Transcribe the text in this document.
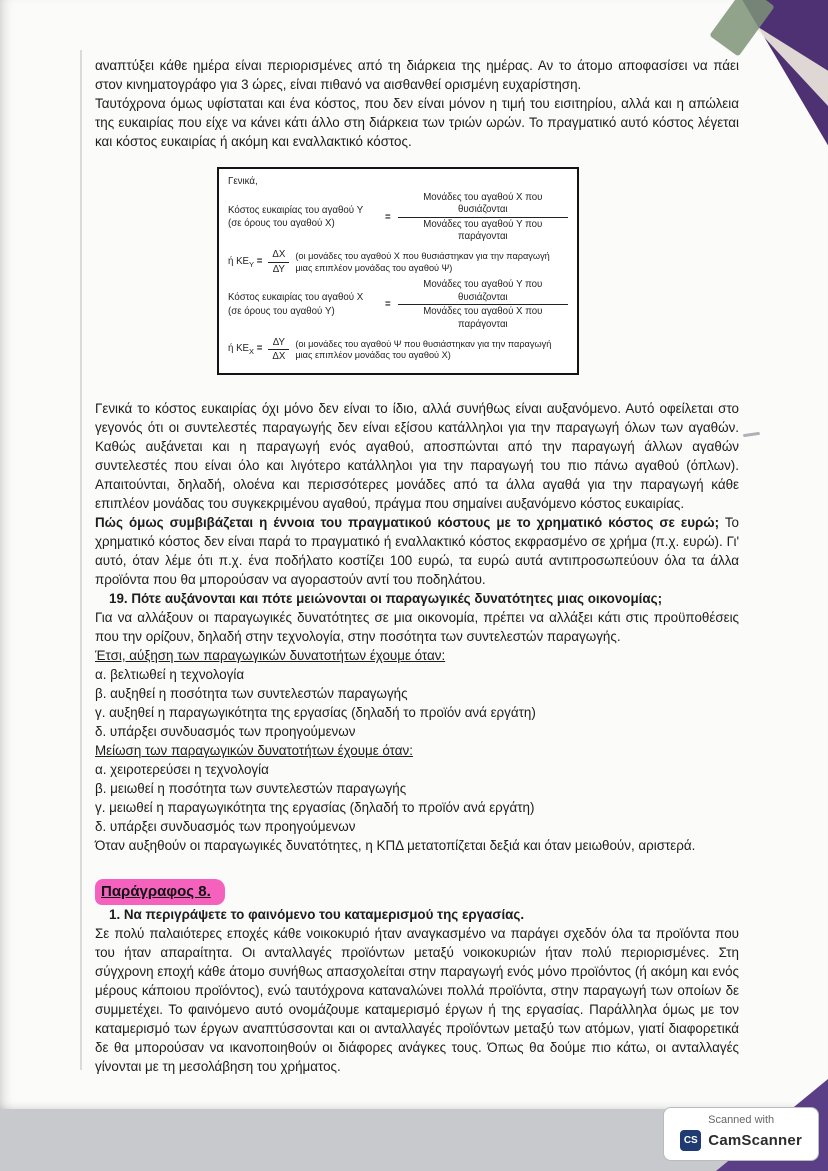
αναπτύξει κάθε ημέρα είναι περιορισμένες από τη διάρκεια της ημέρας. Αν το άτομο αποφασίσει να πάει στον κινηματογράφο για 3 ώρες, είναι πιθανό να αισθανθεί ορισμένη ευχαρίστηση.

Ταυτόχρονα όμως υφίσταται και ένα κόστος, που δεν είναι μόνον η τιμή του εισιτηρίου, αλλά και η απώλεια της ευκαιρίας που είχε να κάνει κάτι άλλο στη διάρκεια των τριών ωρών. Το πραγματικό αυτό κόστος λέγεται και κόστος ευκαιρίας ή ακόμη και εναλλακτικό κόστος.

Γενικά,
Κόστος ευκαιρίας του αγαθού Y
(σε όρους του αγαθού X)
= $\frac{\text{Μονάδες του αγαθού X που θυσιάζονται}}{\text{Μονάδες του αγαθού Y που παράγονται}}$
ή $KE_Y = \frac{\Delta X}{\Delta\Upsilon} (o\iota$ μονάδες του αγαθού X που θυσιάστηκαν για την παραγωγή μιας επιπλέον μονάδας του αγαθού Ψ)
Κόστος ευκαιρίας του αγαθού X
(σε όρους του αγαθού Y)
= $\frac{\text{Μονάδες του αγαθού Y που θυσιάζονται}}{\text{Μονάδες του αγαθού X που παράγονται}}$
ή $KE_X = \frac{\Delta\Upsilon}{\Delta X} (o\iota$ μονάδες του αγαθού Ψ που θυσιάστηκαν για την παραγωγή μιας επιπλέον μονάδας του αγαθού X)

Γενικά το κόστος ευκαιρίας όχι μόνο δεν είναι το ίδιο, αλλά συνήθως είναι αυξανόμενο. Αυτό οφείλεται στο γεγονός ότι οι συντελεστές παραγωγής δεν είναι εξίσου κατάλληλοι για την παραγωγή όλων των αγαθών. Καθώς αυξάνεται και η παραγωγή ενός αγαθού, αποσπώνται από την παραγωγή άλλων αγαθών συντελεστές που είναι όλο και λιγότερο κατάλληλοι για την παραγωγή του πιο πάνω αγαθού (όπλων). Απαιτούνται, δηλαδή, ολοένα και περισσότερες μονάδες από τα άλλα αγαθά για την παραγωγή κάθε επιπλέον μονάδας του συγκεκριμένου αγαθού, πράγμα που σημαίνει αυξανόμενο κόστος ευκαιρίας.

Πώς όμως συμβιβάζεται η έννοια του πραγματικού κόστους με το χρηματικό κόστος σε ευρώ; Το χρηματικό κόστος δεν είναι παρά το πραγματικό ή εναλλακτικό κόστος εκφρασμένο σε χρήμα (π.χ. ευρώ). Γι' αυτό, όταν λέμε ότι π.χ. ένα ποδήλατο κοστίζει 100 ευρώ, τα ευρώ αυτά αντιπροσωπεύουν όλα τα άλλα προϊόντα που θα μπορούσαν να αγοραστούν αντί του ποδηλάτου.

19. Πότε αυξάνονται και πότε μειώνονται οι παραγωγικές δυνατότητες μιας οικονομίας;

Για να αλλάξουν οι παραγωγικές δυνατότητες σε μια οικονομία, πρέπει να αλλάξει κάτι στις προϋποθέσεις που την ορίζουν, δηλαδή στην τεχνολογία, στην ποσότητα των συντελεστών παραγωγής.

Έτσι, αύξηση των παραγωγικών δυνατοτήτων έχουμε όταν:
α. βελτιωθεί η τεχνολογία
β. αυξηθεί η ποσότητα των συντελεστών παραγωγής
γ. αυξηθεί η παραγωγικότητα της εργασίας (δηλαδή το προϊόν ανά εργάτη)
δ. υπάρξει συνδυασμός των προηγούμενων
Μείωση των παραγωγικών δυνατοτήτων έχουμε όταν:
α. χειροτερεύσει η τεχνολογία
β. μειωθεί η ποσότητα των συντελεστών παραγωγής
γ. μειωθεί η παραγωγικότητα της εργασίας (δηλαδή το προϊόν ανά εργάτη)
δ. υπάρξει συνδυασμός των προηγούμενων

Όταν αυξηθούν οι παραγωγικές δυνατότητες, η ΚΠΔ μετατοπίζεται δεξιά και όταν μειωθούν, αριστερά.

Παράγραφος 8.

1. Να περιγράψετε το φαινόμενο του καταμερισμού της εργασίας.

Σε πολύ παλαιότερες εποχές κάθε νοικοκυριό ήταν αναγκασμένο να παράγει σχεδόν όλα τα προϊόντα που του ήταν απαραίτητα. Οι ανταλλαγές προϊόντων μεταξύ νοικοκυριών ήταν πολύ περιορισμένες. Στη σύγχρονη εποχή κάθε άτομο συνήθως απασχολείται στην παραγωγή ενός μόνο προϊόντος (ή ακόμη και ενός μέρους κάποιου προϊόντος), ενώ ταυτόχρονα καταναλώνει πολλά προϊόντα, στην παραγωγή των οποίων δε συμμετέχει. Το φαινόμενο αυτό ονομάζουμε καταμερισμό έργων ή της εργασίας. Παράλληλα όμως με τον καταμερισμό των έργων αναπτύσσονται και οι ανταλλαγές προϊόντων μεταξύ των ατόμων, γιατί διαφορετικά δε θα μπορούσαν να ικανοποιηθούν οι διάφορες ανάγκες τους. Όπως θα δούμε πιο κάτω, οι ανταλλαγές γίνονται με τη μεσολάβηση του χρήματος.

Scanned with
CS CamScanner
